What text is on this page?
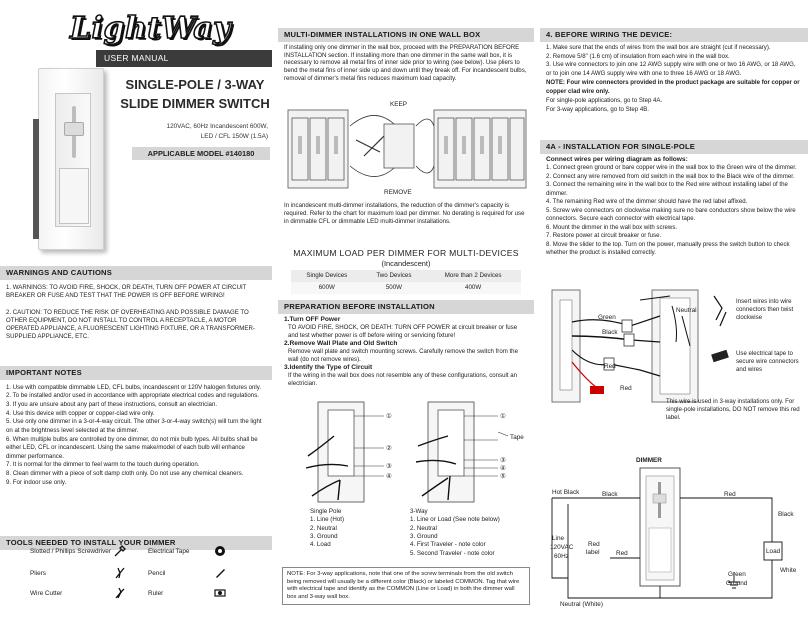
LightWay
USER MANUAL
SINGLE-POLE / 3-WAY
SLIDE DIMMER SWITCH
120VAC, 60Hz Incandescent 600W,
LED / CFL 150W (1.5A)
APPLICABLE MODEL #140180
WARNINGS AND CAUTIONS
1. WARNINGS: TO AVOID FIRE, SHOCK, OR DEATH, TURN OFF POWER AT CIRCUIT BREAKER OR FUSE AND TEST THAT THE POWER IS OFF BEFORE WIRING!
2. CAUTION: TO REDUCE THE RISK OF OVERHEATING AND POSSIBLE DAMAGE TO OTHER EQUIPMENT, DO NOT INSTALL TO CONTROL A RECEPTACLE, A MOTOR OPERATED APPLIANCE, A FLUORESCENT LIGHTING FIXTURE, OR A TRANSFORMER-SUPPLIED APPLIANCE, ETC.
IMPORTANT NOTES
1. Use with compatible dimmable LED, CFL bulbs, incandescent or 120V halogen fixtures only.
2. To be installed and/or used in accordance with appropriate electrical codes and regulations.
3. If you are unsure about any part of these instructions, consult an electrician.
4. Use this device with copper or copper-clad wire only.
5. Use only one dimmer in a 3-or-4-way circuit. The other 3-or-4-way switch(s) will turn the light on at the brightness level selected at the dimmer.
6. When multiple bulbs are controlled by one dimmer, do not mix bulb types. All bulbs shall be either LED, CFL or incandescent. Using the same make/model of each bulb will enhance dimmer performance.
7. It is normal for the dimmer to feel warm to the touch during operation.
8. Clean dimmer with a piece of soft damp cloth only. Do not use any chemical cleaners.
9. For indoor use only.
TOOLS NEEDED TO INSTALL YOUR DIMMER
Slotted / Phillips Screwdriver
Pliers
Wire Cutter
Electrical Tape
Pencil
Ruler
MULTI-DIMMER INSTALLATIONS IN ONE WALL BOX

If installing only one dimmer in the wall box, proceed with the PREPARATION BEFORE INSTALLATION section. If installing more than one dimmer in the same wall box, it is necessary to remove all metal fins of inner side prior to wiring (see below). Use pliers to bend the metal fins of inner side up and down until they break off. For incandescent bulbs, removal of dimmer's metal fins reduces maximum load capacity.

KEEP
REMOVE

In incandescent multi-dimmer installations, the reduction of the dimmer's capacity is required. Refer to the chart for maximum load per dimmer. No derating is required for use in dimmable CFL or dimmable LED multi-dimmer installations.

MAXIMUM LOAD PER DIMMER FOR MULTI-DEVICES
(Incandescent)
Single Devices	Two Devices	More than 2 Devices
600W	500W	400W
PREPARATION BEFORE INSTALLATION
1.Turn OFF Power

TO AVOID FIRE, SHOCK, OR DEATH: TURN OFF POWER at circuit breaker or fuse and test whether power is off before wiring or servicing fixture!

2.Remove Wall Plate and Old Switch

Remove wall plate and switch mounting screws. Carefully remove the switch from the wall (do not remove wires).

3.Identify the Type of Circuit

If the wiring in the wall box does not resemble any of these configurations, consult an electrician.

①
②
③
④
①
③
④
⑤
Tape
Single Pole
1. Line (Hot)
2. Neutral
3. Ground
4. Load
3-Way
1. Line or Load (See note below)
2. Neutral
3. Ground
4. First Traveler - note color
5. Second Traveler - note color
NOTE: For 3-way applications, note that one of the screw terminals from the old switch being removed will usually be a different color (Black) or labeled COMMON. Tag that wire with electrical tape and identify as the COMMON (Line or Load) in both the dimmer wall box and 3-way wall box.
4. BEFORE WIRING THE DEVICE:
1. Make sure that the ends of wires from the wall box are straight (cut if necessary).
2. Remove 5/8" (1.6 cm) of insulation from each wire in the wall box.
3. Use wire connectors to join one 12 AWG supply wire with one or two 16 AWG, or 18 AWG, or to join one 14 AWG supply wire with one to three 16 AWG or 18 AWG.

NOTE: Four wire connectors provided in the product package are suitable for copper or copper clad wire only.

For single-pole applications, go to Step 4A.

For 3-way applications, go to Step 4B.

4A - INSTALLATION FOR SINGLE-POLE
Connect wires per wiring diagram as follows:
1. Connect green ground or bare copper wire in the wall box to the Green wire of the dimmer.
2. Connect any wire removed from old switch in the wall box to the Black wire of the dimmer.
3. Connect the remaining wire in the wall box to the Red wire without installing label of the dimmer.
4. The remaining Red wire of the dimmer should have the red label affixed.
5. Screw wire connectors on clockwise making sure no bare conductors show below the wire connectors. Secure each connector with electrical tape.
6. Mount the dimmer in the wall box with screws.
7. Restore power at circuit breaker or fuse.
8. Move the slider to the top. Turn on the power, manually press the switch button to check whether the product is installed correctly.
Green
Black
Neutral
Red
Red
Insert wires into wire connectors then twist clockwise
Use electrical tape to secure wire connectors and wires
This wire is used in 3-way installations only. For single-pole installations, DO NOT remove this red label.
DIMMER
Hot Black	Black	Red
Line
120VAC
60Hz
Red
label	Red
Green
Ground
Black
Load
White
Neutral (White)
